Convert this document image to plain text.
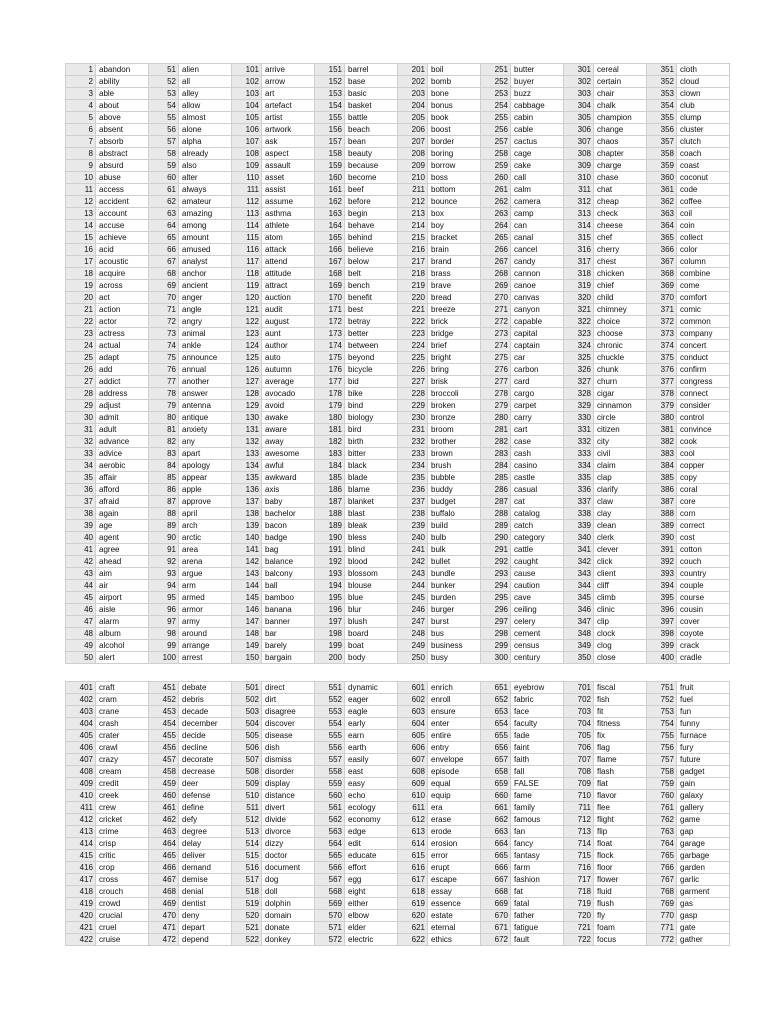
1	abandon	51	alien	101	arrive	151	barrel	201	boil	251	butter	301	cereal	351	cloth
2	ability	52	all	102	arrow	152	base	202	bomb	252	buyer	302	certain	352	cloud
3	able	53	alley	103	art	153	basic	203	bone	253	buzz	303	chair	353	clown
4	about	54	allow	104	artefact	154	basket	204	bonus	254	cabbage	304	chalk	354	club
5	above	55	almost	105	artist	155	battle	205	book	255	cabin	305	champion	355	clump
6	absent	56	alone	106	artwork	156	beach	206	boost	256	cable	306	change	356	cluster
7	absorb	57	alpha	107	ask	157	bean	207	border	257	cactus	307	chaos	357	clutch
8	abstract	58	already	108	aspect	158	beauty	208	boring	258	cage	308	chapter	358	coach
9	absurd	59	also	109	assault	159	because	209	borrow	259	cake	309	charge	359	coast
10	abuse	60	alter	110	asset	160	become	210	boss	260	call	310	chase	360	coconut
11	access	61	always	111	assist	161	beef	211	bottom	261	calm	311	chat	361	code
12	accident	62	amateur	112	assume	162	before	212	bounce	262	camera	312	cheap	362	coffee
13	account	63	amazing	113	asthma	163	begin	213	box	263	camp	313	check	363	coil
14	accuse	64	among	114	athlete	164	behave	214	boy	264	can	314	cheese	364	coin
15	achieve	65	amount	115	atom	165	behind	215	bracket	265	canal	315	chef	365	collect
16	acid	66	amused	116	attack	166	believe	216	brain	266	cancel	316	cherry	366	color
17	acoustic	67	analyst	117	attend	167	below	217	brand	267	candy	317	chest	367	column
18	acquire	68	anchor	118	attitude	168	belt	218	brass	268	cannon	318	chicken	368	combine
19	across	69	ancient	119	attract	169	bench	219	brave	269	canoe	319	chief	369	come
20	act	70	anger	120	auction	170	benefit	220	bread	270	canvas	320	child	370	comfort
21	action	71	angle	121	audit	171	best	221	breeze	271	canyon	321	chimney	371	comic
22	actor	72	angry	122	august	172	betray	222	brick	272	capable	322	choice	372	common
23	actress	73	animal	123	aunt	173	better	223	bridge	273	capital	323	choose	373	company
24	actual	74	ankle	124	author	174	between	224	brief	274	captain	324	chronic	374	concert
25	adapt	75	announce	125	auto	175	beyond	225	bright	275	car	325	chuckle	375	conduct
26	add	76	annual	126	autumn	176	bicycle	226	bring	276	carbon	326	chunk	376	confirm
27	addict	77	another	127	average	177	bid	227	brisk	277	card	327	churn	377	congress
28	address	78	answer	128	avocado	178	bike	228	broccoli	278	cargo	328	cigar	378	connect
29	adjust	79	antenna	129	avoid	179	bind	229	broken	279	carpet	329	cinnamon	379	consider
30	admit	80	antique	130	awake	180	biology	230	bronze	280	carry	330	circle	380	control
31	adult	81	anxiety	131	aware	181	bird	231	broom	281	cart	331	citizen	381	convince
32	advance	82	any	132	away	182	birth	232	brother	282	case	332	city	382	cook
33	advice	83	apart	133	awesome	183	bitter	233	brown	283	cash	333	civil	383	cool
34	aerobic	84	apology	134	awful	184	black	234	brush	284	casino	334	claim	384	copper
35	affair	85	appear	135	awkward	185	blade	235	bubble	285	castle	335	clap	385	copy
36	afford	86	apple	136	axis	186	blame	236	buddy	286	casual	336	clarify	386	coral
37	afraid	87	approve	137	baby	187	blanket	237	budget	287	cat	337	claw	387	core
38	again	88	april	138	bachelor	188	blast	238	buffalo	288	catalog	338	clay	388	corn
39	age	89	arch	139	bacon	189	bleak	239	build	289	catch	339	clean	389	correct
40	agent	90	arctic	140	badge	190	bless	240	bulb	290	category	340	clerk	390	cost
41	agree	91	area	141	bag	191	blind	241	bulk	291	cattle	341	clever	391	cotton
42	ahead	92	arena	142	balance	192	blood	242	bullet	292	caught	342	click	392	couch
43	aim	93	argue	143	balcony	193	blossom	243	bundle	293	cause	343	client	393	country
44	air	94	arm	144	ball	194	blouse	244	bunker	294	caution	344	cliff	394	couple
45	airport	95	armed	145	bamboo	195	blue	245	burden	295	cave	345	climb	395	course
46	aisle	96	armor	146	banana	196	blur	246	burger	296	ceiling	346	clinic	396	cousin
47	alarm	97	army	147	banner	197	blush	247	burst	297	celery	347	clip	397	cover
48	album	98	around	148	bar	198	board	248	bus	298	cement	348	clock	398	coyote
49	alcohol	99	arrange	149	barely	199	boat	249	business	299	census	349	clog	399	crack
50	alert	100	arrest	150	bargain	200	body	250	busy	300	century	350	close	400	cradle
401	craft	451	debate	501	direct	551	dynamic	601	enrich	651	eyebrow	701	fiscal	751	fruit
402	cram	452	debris	502	dirt	552	eager	602	enroll	652	fabric	702	fish	752	fuel
403	crane	453	decade	503	disagree	553	eagle	603	ensure	653	face	703	fit	753	fun
404	crash	454	december	504	discover	554	early	604	enter	654	faculty	704	fitness	754	funny
405	crater	455	decide	505	disease	555	earn	605	entire	655	fade	705	fix	755	furnace
406	crawl	456	decline	506	dish	556	earth	606	entry	656	faint	706	flag	756	fury
407	crazy	457	decorate	507	dismiss	557	easily	607	envelope	657	faith	707	flame	757	future
408	cream	458	decrease	508	disorder	558	east	608	episode	658	fall	708	flash	758	gadget
409	credit	459	deer	509	display	559	easy	609	equal	659	FALSE	709	flat	759	gain
410	creek	460	defense	510	distance	560	echo	610	equip	660	fame	710	flavor	760	galaxy
411	crew	461	define	511	divert	561	ecology	611	era	661	family	711	flee	761	gallery
412	cricket	462	defy	512	divide	562	economy	612	erase	662	famous	712	flight	762	game
413	crime	463	degree	513	divorce	563	edge	613	erode	663	fan	713	flip	763	gap
414	crisp	464	delay	514	dizzy	564	edit	614	erosion	664	fancy	714	float	764	garage
415	critic	465	deliver	515	doctor	565	educate	615	error	665	fantasy	715	flock	765	garbage
416	crop	466	demand	516	document	566	effort	616	erupt	666	farm	716	floor	766	garden
417	cross	467	demise	517	dog	567	egg	617	escape	667	fashion	717	flower	767	garlic
418	crouch	468	denial	518	doll	568	eight	618	essay	668	fat	718	fluid	768	garment
419	crowd	469	dentist	519	dolphin	569	either	619	essence	669	fatal	719	flush	769	gas
420	crucial	470	deny	520	domain	570	elbow	620	estate	670	father	720	fly	770	gasp
421	cruel	471	depart	521	donate	571	elder	621	eternal	671	fatigue	721	foam	771	gate
422	cruise	472	depend	522	donkey	572	electric	622	ethics	672	fault	722	focus	772	gather
